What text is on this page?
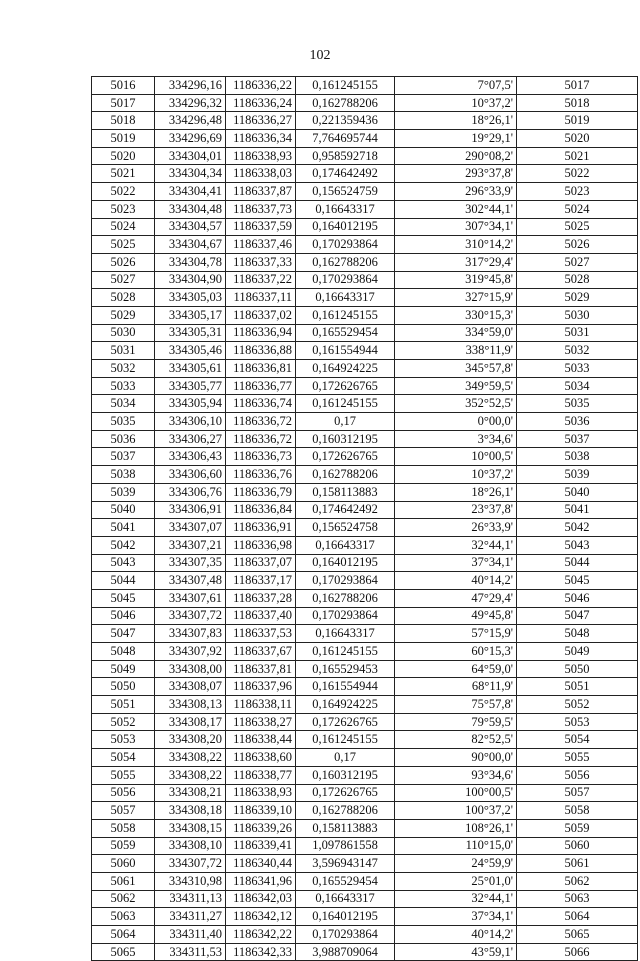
102
5016	334296,16	1186336,22	0,161245155	7°07,5'	5017
5017	334296,32	1186336,24	0,162788206	10°37,2'	5018
5018	334296,48	1186336,27	0,221359436	18°26,1'	5019
5019	334296,69	1186336,34	7,764695744	19°29,1'	5020
5020	334304,01	1186338,93	0,958592718	290°08,2'	5021
5021	334304,34	1186338,03	0,174642492	293°37,8'	5022
5022	334304,41	1186337,87	0,156524759	296°33,9'	5023
5023	334304,48	1186337,73	0,16643317	302°44,1'	5024
5024	334304,57	1186337,59	0,164012195	307°34,1'	5025
5025	334304,67	1186337,46	0,170293864	310°14,2'	5026
5026	334304,78	1186337,33	0,162788206	317°29,4'	5027
5027	334304,90	1186337,22	0,170293864	319°45,8'	5028
5028	334305,03	1186337,11	0,16643317	327°15,9'	5029
5029	334305,17	1186337,02	0,161245155	330°15,3'	5030
5030	334305,31	1186336,94	0,165529454	334°59,0'	5031
5031	334305,46	1186336,88	0,161554944	338°11,9'	5032
5032	334305,61	1186336,81	0,164924225	345°57,8'	5033
5033	334305,77	1186336,77	0,172626765	349°59,5'	5034
5034	334305,94	1186336,74	0,161245155	352°52,5'	5035
5035	334306,10	1186336,72	0,17	0°00,0'	5036
5036	334306,27	1186336,72	0,160312195	3°34,6'	5037
5037	334306,43	1186336,73	0,172626765	10°00,5'	5038
5038	334306,60	1186336,76	0,162788206	10°37,2'	5039
5039	334306,76	1186336,79	0,158113883	18°26,1'	5040
5040	334306,91	1186336,84	0,174642492	23°37,8'	5041
5041	334307,07	1186336,91	0,156524758	26°33,9'	5042
5042	334307,21	1186336,98	0,16643317	32°44,1'	5043
5043	334307,35	1186337,07	0,164012195	37°34,1'	5044
5044	334307,48	1186337,17	0,170293864	40°14,2'	5045
5045	334307,61	1186337,28	0,162788206	47°29,4'	5046
5046	334307,72	1186337,40	0,170293864	49°45,8'	5047
5047	334307,83	1186337,53	0,16643317	57°15,9'	5048
5048	334307,92	1186337,67	0,161245155	60°15,3'	5049
5049	334308,00	1186337,81	0,165529453	64°59,0'	5050
5050	334308,07	1186337,96	0,161554944	68°11,9'	5051
5051	334308,13	1186338,11	0,164924225	75°57,8'	5052
5052	334308,17	1186338,27	0,172626765	79°59,5'	5053
5053	334308,20	1186338,44	0,161245155	82°52,5'	5054
5054	334308,22	1186338,60	0,17	90°00,0'	5055
5055	334308,22	1186338,77	0,160312195	93°34,6'	5056
5056	334308,21	1186338,93	0,172626765	100°00,5'	5057
5057	334308,18	1186339,10	0,162788206	100°37,2'	5058
5058	334308,15	1186339,26	0,158113883	108°26,1'	5059
5059	334308,10	1186339,41	1,097861558	110°15,0'	5060
5060	334307,72	1186340,44	3,596943147	24°59,9'	5061
5061	334310,98	1186341,96	0,165529454	25°01,0'	5062
5062	334311,13	1186342,03	0,16643317	32°44,1'	5063
5063	334311,27	1186342,12	0,164012195	37°34,1'	5064
5064	334311,40	1186342,22	0,170293864	40°14,2'	5065
5065	334311,53	1186342,33	3,988709064	43°59,1'	5066
